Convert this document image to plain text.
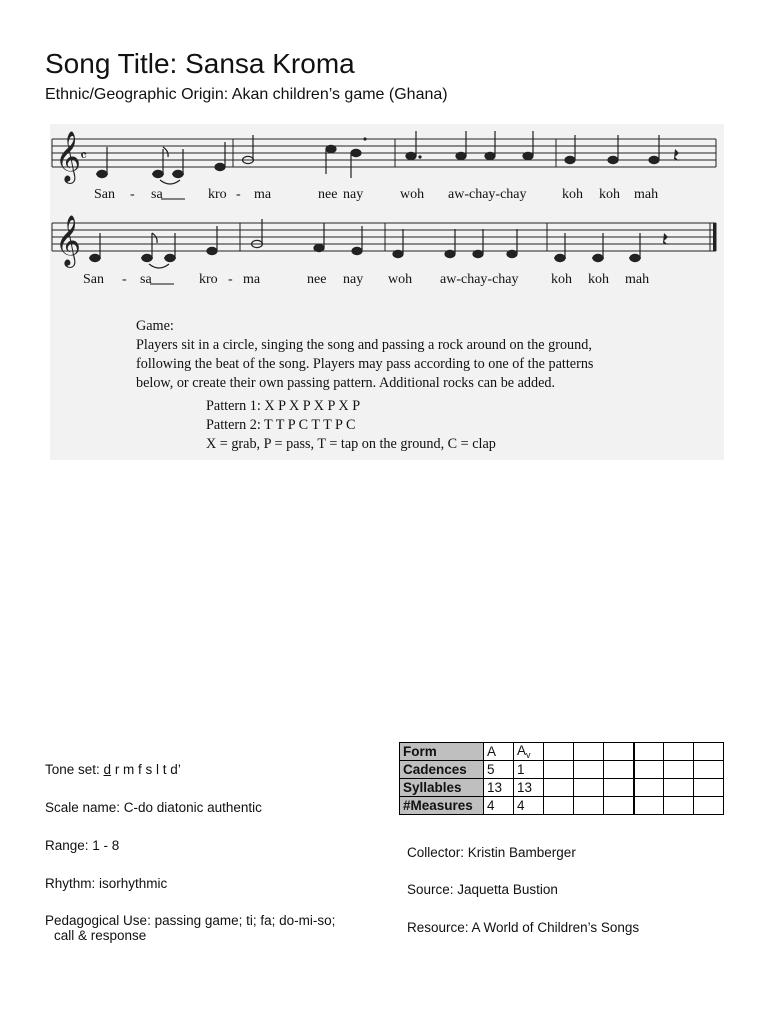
Song Title: Sansa Kroma
Ethnic/Geographic Origin: Akan children’s game (Ghana)
𝄞
𝄴
𝄞
San - sa	kro - ma	nee nay	woh aw-chay-chay	koh koh mah
San - sa	kro - ma	nee nay woh aw-chay-chay koh koh mah
Game:
Players sit in a circle, singing the song and passing a rock around on the ground,
following the beat of the song. Players may pass according to one of the patterns
below, or create their own passing pattern. Additional rocks can be added.
Pattern 1: X P X P X P X P
Pattern 2: T T P C T T P C
X = grab, P = pass, T = tap on the ground, C = clap
Tone set: d r m f s l t d’
Scale name: C-do diatonic authentic
Range: 1 - 8
Rhythm: isorhythmic
Pedagogical Use: passing game; ti; fa; do-mi-so;
call & response
Form	A	$A_v$						
Cadences	5	1						
Syllables	13	13						
#Measures	4	4						
Collector: Kristin Bamberger
Source: Jaquetta Bustion
Resource: A World of Children’s Songs
